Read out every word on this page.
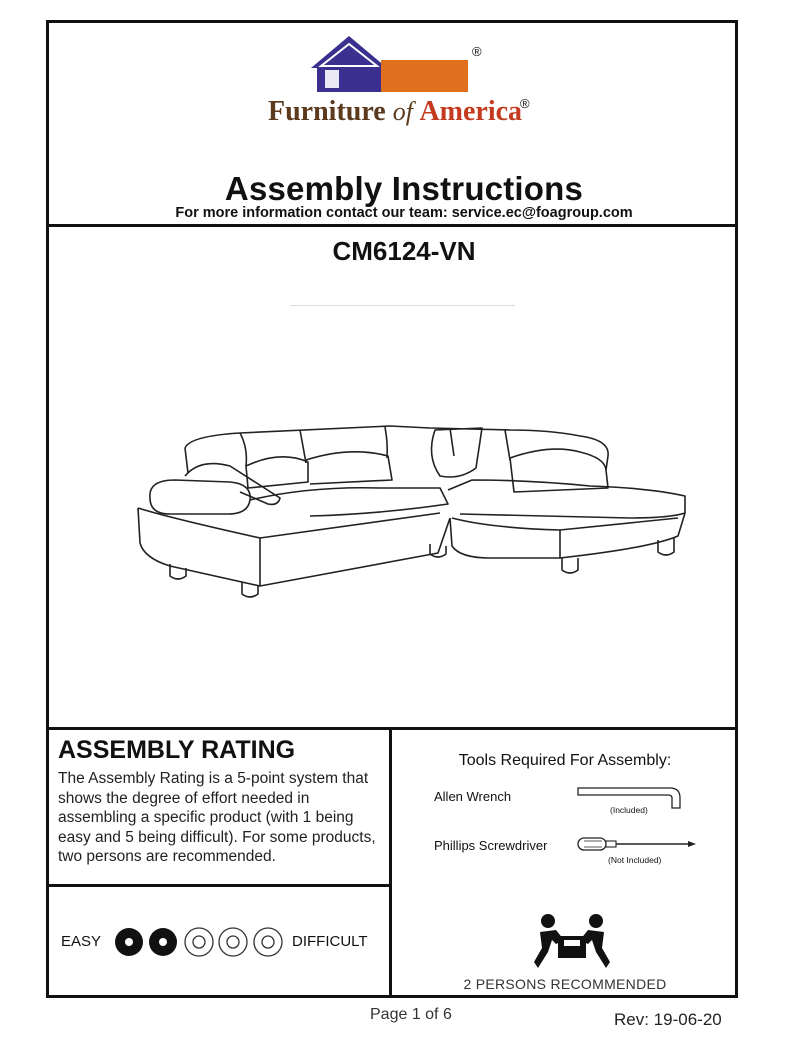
®
Furniture of America
®
Assembly Instructions
For more information contact our team: service.ec@foagroup.com
CM6124-VN
ASSEMBLY RATING
The Assembly Rating is a 5-point system that shows the degree of effort needed in assembling a specific product (with 1 being easy and 5 being difficult). For some products, two persons are recommended.
EASY	DIFFICULT
Tools Required For Assembly:
Allen Wrench
(Included)
Phillips Screwdriver
(Not Included)
2 PERSONS RECOMMENDED
Page 1 of 6	Rev: 19-06-20
